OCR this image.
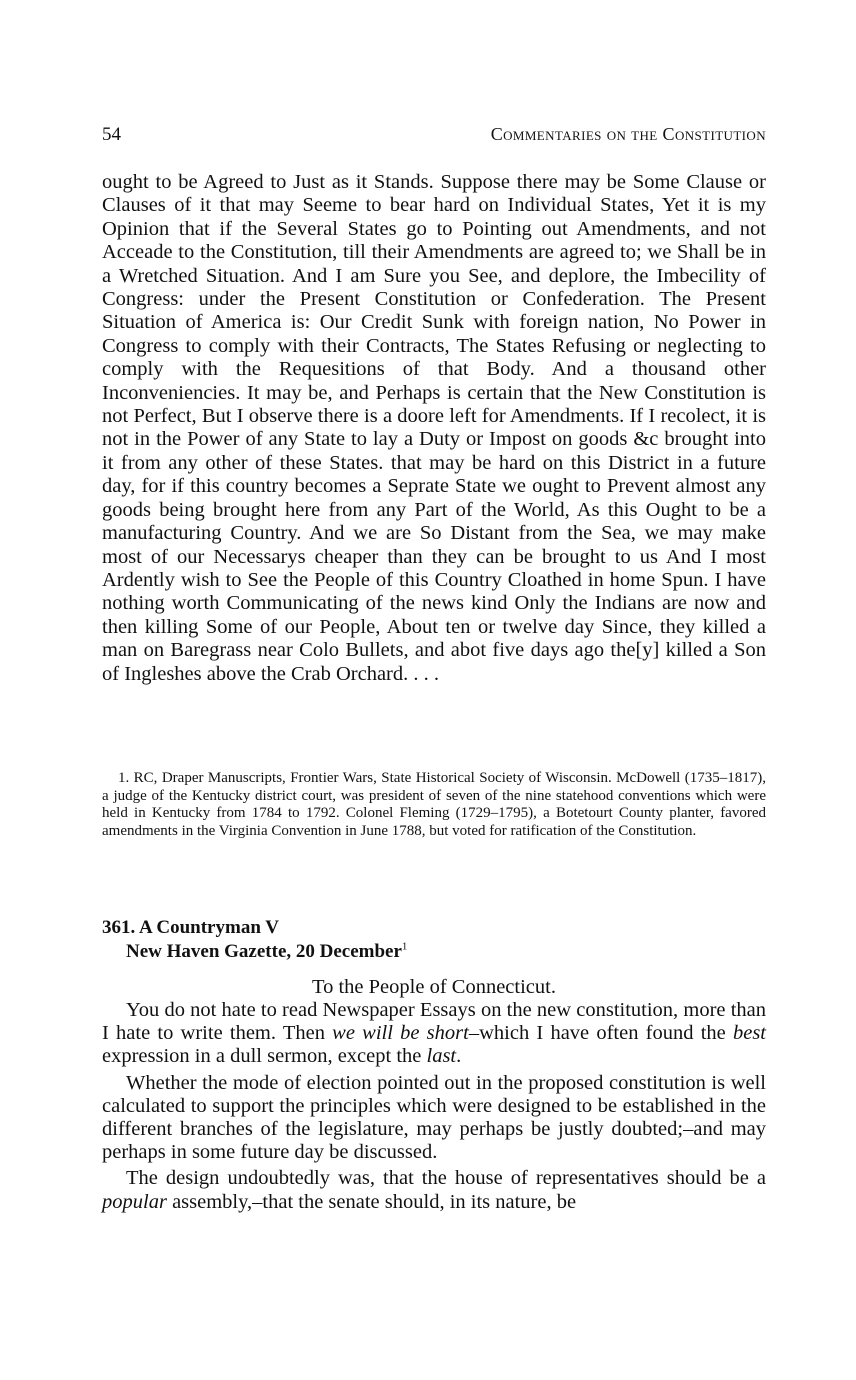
54	Commentaries on the Constitution

ought to be Agreed to Just as it Stands. Suppose there may be Some Clause or Clauses of it that may Seeme to bear hard on Individual States, Yet it is my Opinion that if the Several States go to Pointing out Amendments, and not Acceade to the Constitution, till their Amendments are agreed to; we Shall be in a Wretched Situation. And I am Sure you See, and deplore, the Imbecility of Congress: under the Present Constitution or Confederation. The Present Situation of America is: Our Credit Sunk with foreign nation, No Power in Congress to comply with their Contracts, The States Refusing or neglecting to comply with the Requesitions of that Body. And a thousand other Inconveniencies. It may be, and Perhaps is certain that the New Constitution is not Perfect, But I observe there is a doore left for Amendments. If I recolect, it is not in the Power of any State to lay a Duty or Impost on goods &c brought into it from any other of these States. that may be hard on this District in a future day, for if this country becomes a Seprate State we ought to Prevent almost any goods being brought here from any Part of the World, As this Ought to be a manufacturing Country. And we are So Distant from the Sea, we may make most of our Necessarys cheaper than they can be brought to us And I most Ardently wish to See the People of this Country Cloathed in home Spun. I have nothing worth Communicating of the news kind Only the Indians are now and then killing Some of our People, About ten or twelve day Since, they killed a man on Baregrass near Colo Bullets, and abot five days ago the[y] killed a Son of Ingleshes above the Crab Orchard. . . .

1. RC, Draper Manuscripts, Frontier Wars, State Historical Society of Wisconsin. McDowell (1735–1817), a judge of the Kentucky district court, was president of seven of the nine statehood conventions which were held in Kentucky from 1784 to 1792. Colonel Fleming (1729–1795), a Botetourt County planter, favored amendments in the Virginia Convention in June 1788, but voted for ratification of the Constitution.

361. A Countryman V
New Haven Gazette, 20 December$^1$
To the People of Connecticut.

You do not hate to read Newspaper Essays on the new constitution, more than I hate to write them. Then we will be short–which I have often found the best expression in a dull sermon, except the last.

Whether the mode of election pointed out in the proposed constitution is well calculated to support the principles which were designed to be established in the different branches of the legislature, may perhaps be justly doubted;–and may perhaps in some future day be discussed.

The design undoubtedly was, that the house of representatives should be a popular assembly,–that the senate should, in its nature, be
